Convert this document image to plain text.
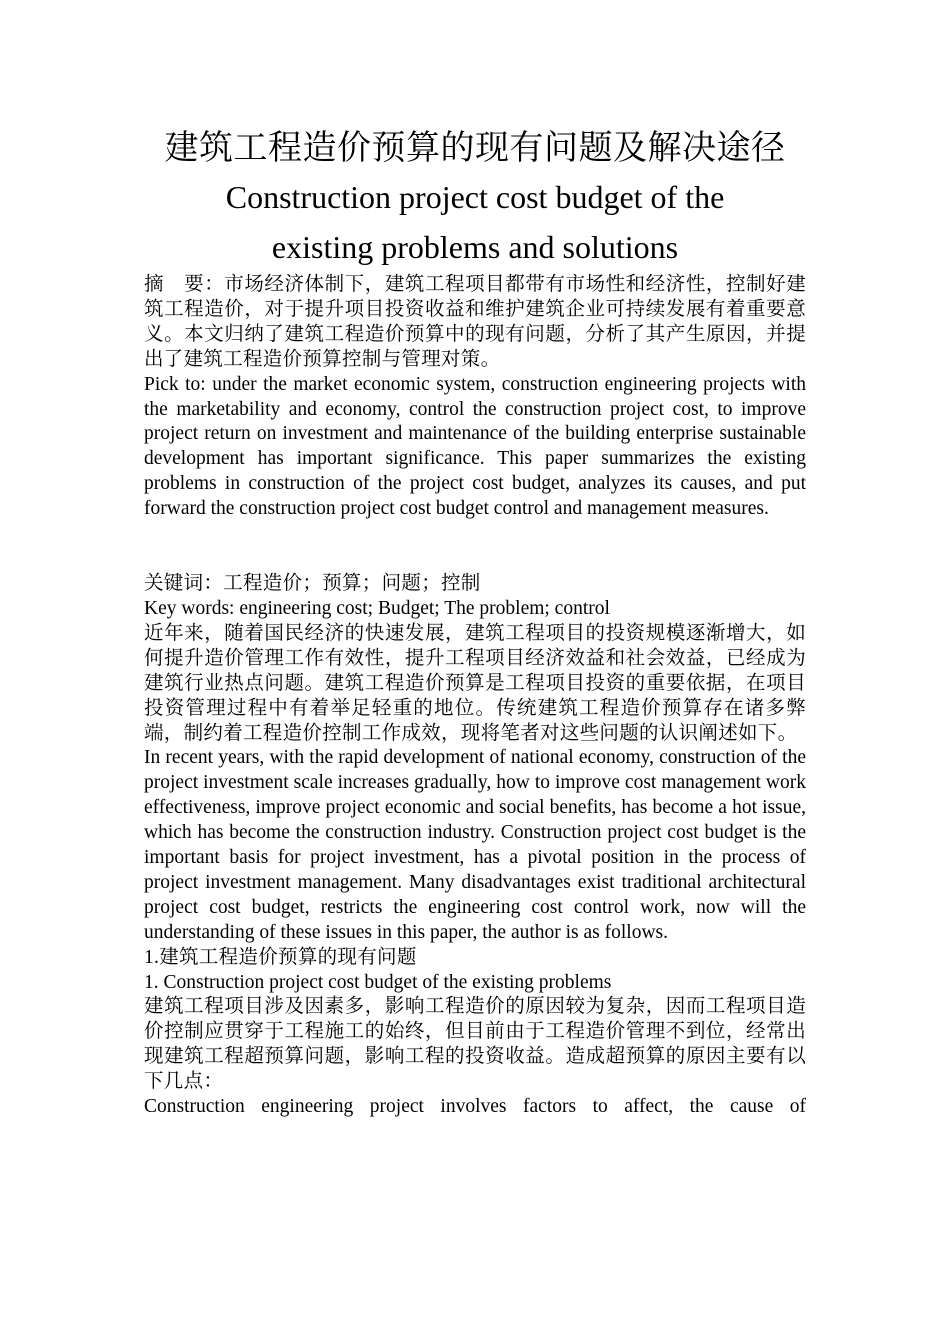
建筑工程造价预算的现有问题及解决途径
Construction project cost budget of the
existing problems and solutions

摘　要：市场经济体制下，建筑工程项目都带有市场性和经济性，控制好建筑工程造价，对于提升项目投资收益和维护建筑企业可持续发展有着重要意义。本文归纳了建筑工程造价预算中的现有问题，分析了其产生原因，并提出了建筑工程造价预算控制与管理对策。

Pick to: under the market economic system, construction engineering projects with the marketability and economy, control the construction project cost, to improve project return on investment and maintenance of the building enterprise sustainable development has important significance. This paper summarizes the existing problems in construction of the project cost budget, analyzes its causes, and put forward the construction project cost budget control and management measures.

关键词：工程造价；预算；问题；控制

Key words: engineering cost; Budget; The problem; control

近年来，随着国民经济的快速发展，建筑工程项目的投资规模逐渐增大，如何提升造价管理工作有效性，提升工程项目经济效益和社会效益，已经成为建筑行业热点问题。建筑工程造价预算是工程项目投资的重要依据，在项目投资管理过程中有着举足轻重的地位。传统建筑工程造价预算存在诸多弊端，制约着工程造价控制工作成效，现将笔者对这些问题的认识阐述如下。

In recent years, with the rapid development of national economy, construction of the project investment scale increases gradually, how to improve cost management work effectiveness, improve project economic and social benefits, has become a hot issue, which has become the construction industry. Construction project cost budget is the important basis for project investment, has a pivotal position in the process of project investment management. Many disadvantages exist traditional architectural project cost budget, restricts the engineering cost control work, now will the understanding of these issues in this paper, the author is as follows.

1.建筑工程造价预算的现有问题

1. Construction project cost budget of the existing problems

建筑工程项目涉及因素多，影响工程造价的原因较为复杂，因而工程项目造价控制应贯穿于工程施工的始终，但目前由于工程造价管理不到位，经常出现建筑工程超预算问题，影响工程的投资收益。造成超预算的原因主要有以下几点：

Construction engineering project involves factors to affect, the cause of
